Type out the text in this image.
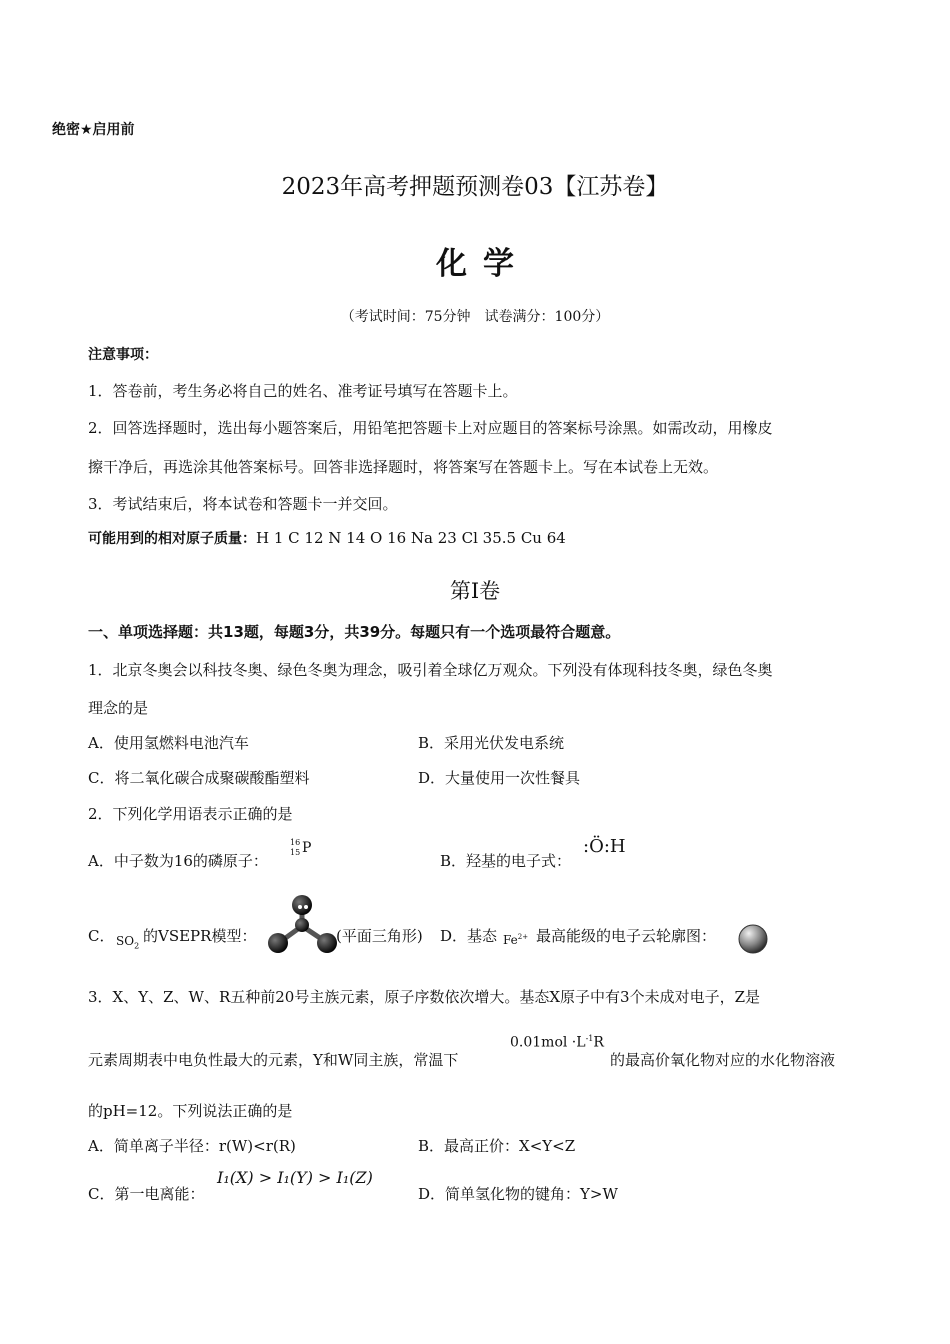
绝密★启用前
2023年高考押题预测卷03【江苏卷】
化学
（考试时间：75分钟　试卷满分：100分）
注意事项：
1．答卷前，考生务必将自己的姓名、准考证号填写在答题卡上。
2．回答选择题时，选出每小题答案后，用铅笔把答题卡上对应题目的答案标号涂黑。如需改动，用橡皮
擦干净后，再选涂其他答案标号。回答非选择题时，将答案写在答题卡上。写在本试卷上无效。
3．考试结束后，将本试卷和答题卡一并交回。
可能用到的相对原子质量：H 1 C 12 N 14 O 16 Na 23 Cl 35.5 Cu 64
第Ⅰ卷
一、单项选择题：共13题，每题3分，共39分。每题只有一个选项最符合题意。
1．北京冬奥会以科技冬奥、绿色冬奥为理念，吸引着全球亿万观众。下列没有体现科技冬奥，绿色冬奥
理念的是
A．使用氢燃料电池汽车	B．采用光伏发电系统
C．将二氧化碳合成聚碳酸酯塑料	D．大量使用一次性餐具
2．下列化学用语表示正确的是
A．中子数为16的磷原子：
16
15 P
B．羟基的电子式：
:Ö:H
C． $SO_2$
的VSEPR模型：	(平面三角形) D．基态 $Fe^{2+}$ 最高能级的电子云轮廓图：
3．X、Y、Z、W、R五种前20号主族元素，原子序数依次增大。基态X原子中有3个未成对电子，Z是
元素周期表中电负性最大的元素，Y和W同主族，常温下
$0.01mol \cdot L^{-1}R$
的最高价氧化物对应的水化物溶液
的pH=12。下列说法正确的是
A．简单离子半径：r(W)<r(R)	B．最高正价：X<Y<Z
C．第一电离能：
I₁(X) > I₁(Y) > I₁(Z)
D．简单氢化物的键角：Y>W
